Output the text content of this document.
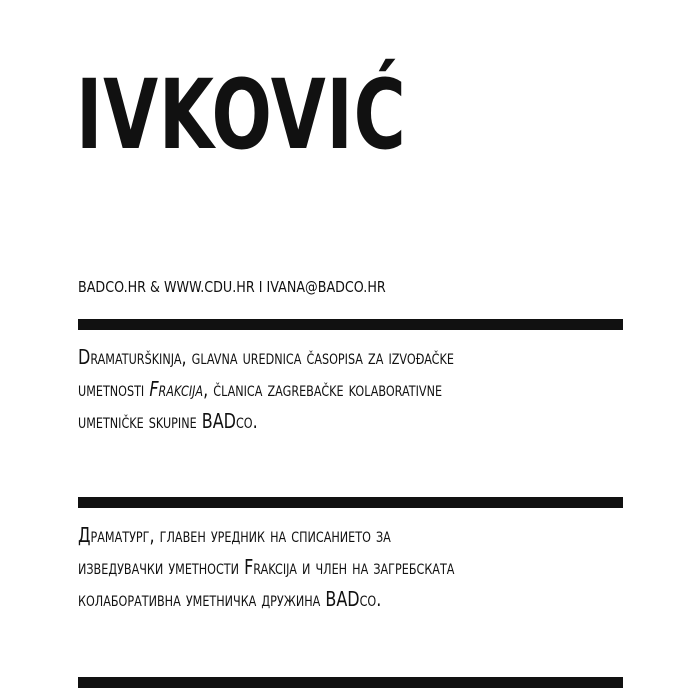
IVKOVIĆ
BADCO.HR & WWW.CDU.HR I IVANA@BADCO.HR

Dramaturškinja, glavna urednica časopisa za izvođačke
umetnosti Frakcija, članica zagrebačke kolaborativne
umetničke skupine BADco.

Драматург, главен уредник на списанието за
изведувачки уметности Frakcija и член на загребската
колаборативна уметничка дружина BADco.
